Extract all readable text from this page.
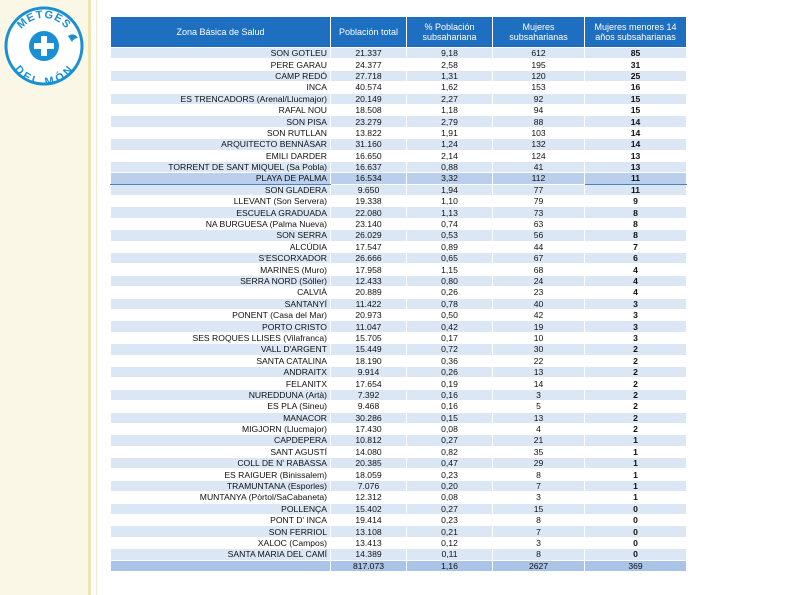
METGES
DEL MÓN
Zona Básica de Salud	Población total	% Población subsahariana	Mujeres subsaharianas	Mujeres menores 14 años subsaharianas
SON GOTLEU	21.337	9,18	612	85
PERE GARAU	24.377	2,58	195	31
CAMP REDÓ	27.718	1,31	120	25
INCA	40.574	1,62	153	16
ES TRENCADORS (Arenal/Llucmajor)	20.149	2,27	92	15
RAFAL NOU	18.508	1,18	94	15
SON PISA	23.279	2,79	88	14
SON RUTLLAN	13.822	1,91	103	14
ARQUITECTO BENNÀSAR	31.160	1,24	132	14
EMILI DARDER	16.650	2,14	124	13
TORRENT DE SANT MIQUEL (Sa Pobla)	16.637	0,88	41	13
PLAYA DE PALMA	16.534	3,32	112	11
SON GLADERA	9.650	1,94	77	11
LLEVANT (Son Servera)	19.338	1,10	79	9
ESCUELA GRADUADA	22.080	1,13	73	8
NA BURGUESA (Palma Nueva)	23.140	0,74	63	8
SON SERRA	26.029	0,53	56	8
ALCÚDIA	17.547	0,89	44	7
S'ESCORXADOR	26.666	0,65	67	6
MARINES (Muro)	17.958	1,15	68	4
SERRA NORD (Sóller)	12.433	0,80	24	4
CALVIÀ	20.889	0,26	23	4
SANTANYÍ	11.422	0,78	40	3
PONENT (Casa del Mar)	20.973	0,50	42	3
PORTO CRISTO	11.047	0,42	19	3
SES ROQUES LLISES (Vilafranca)	15.705	0,17	10	3
VALL D'ARGENT	15.449	0,72	30	2
SANTA CATALINA	18.190	0,36	22	2
ANDRAITX	9.914	0,26	13	2
FELANITX	17.654	0,19	14	2
NUREDDUNA (Artà)	7.392	0,16	3	2
ES PLA (Sineu)	9.468	0,16	5	2
MANACOR	30.286	0,15	13	2
MIGJORN (Llucmajor)	17.430	0,08	4	2
CAPDEPERA	10.812	0,27	21	1
SANT AGUSTÍ	14.080	0,82	35	1
COLL DE N' RABASSA	20.385	0,47	29	1
ES RAIGUER (Binissalem)	18.059	0,23	8	1
TRAMUNTANA (Esporles)	7.076	0,20	7	1
MUNTANYA (Pòrtol/SaCabaneta)	12.312	0,08	3	1
POLLENÇA	15.402	0,27	15	0
PONT D' INCA	19.414	0,23	8	0
SON FERRIOL	13.108	0,21	7	0
XALOC (Campos)	13.413	0,12	3	0
SANTA MARIA DEL CAMÍ	14.389	0,11	8	0
	817.073	1,16	2627	369
